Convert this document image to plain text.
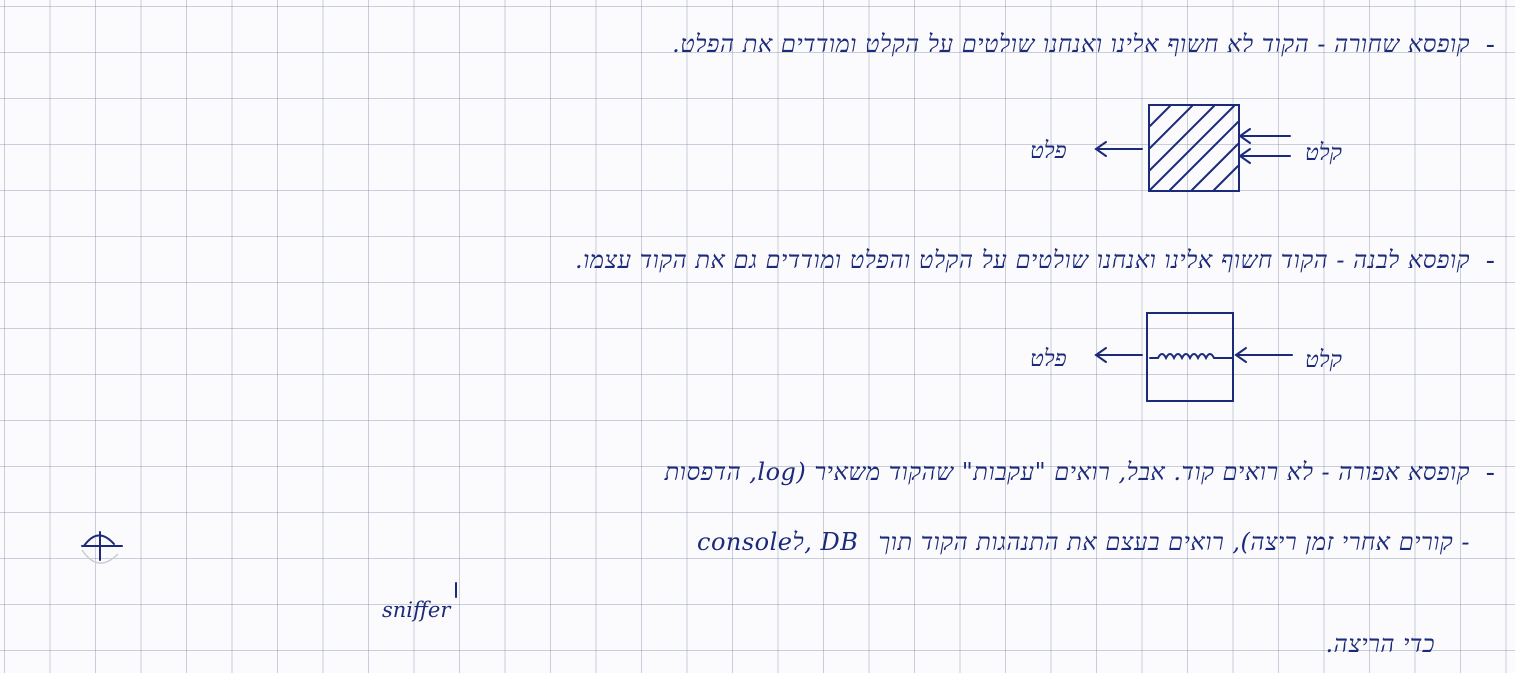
-
קופסא שחורה - הקוד לא חשוף אלינו ואנחנו שולטים על הקלט ומודדים את הפלט.
קלט
פלט
-
קופסא לבנה - הקוד חשוף אלינו ואנחנו שולטים על הקלט והפלט ומודדים גם את הקוד עצמו.
קלט
פלט
-
קופסא אפורה - לא רואים קוד. אבל, רואים "עקבות" שהקוד משאיר (log, הדפסות
- קורים אחרי זמן ריצה), רואים בעצם את התנהגות הקוד תוך consoleל, DB
sniffer
כדי הריצה.
